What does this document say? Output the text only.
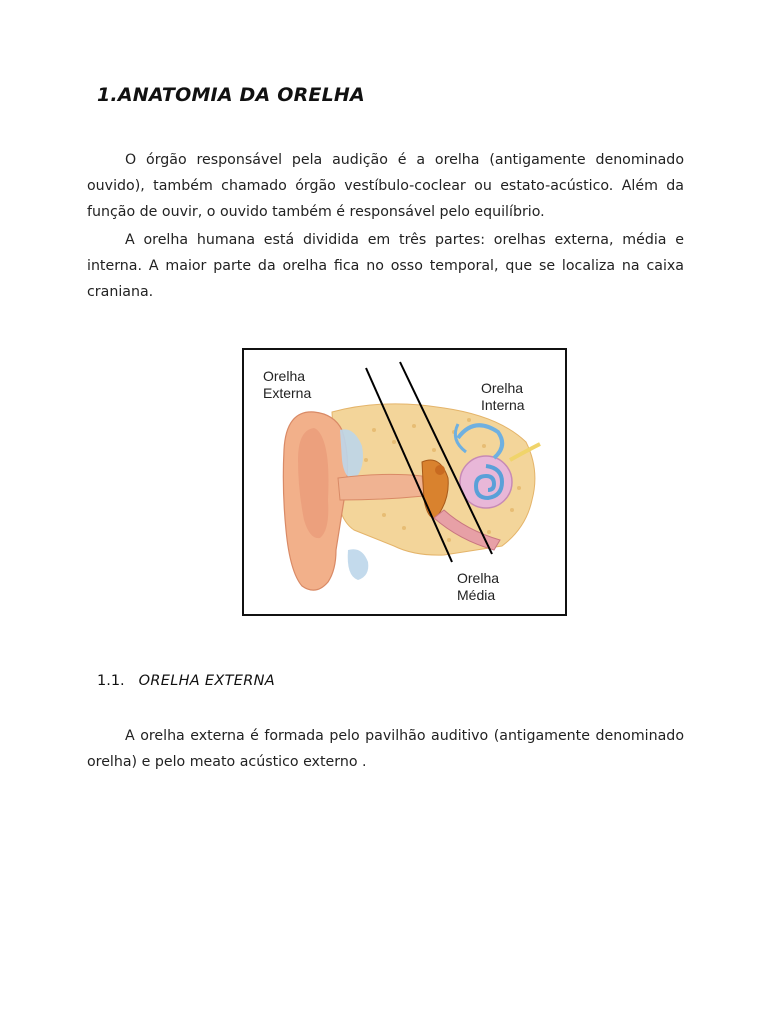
1.ANATOMIA DA ORELHA

O órgão responsável pela audição é a orelha (antigamente denominado ouvido), também chamado órgão vestíbulo-coclear ou estato-acústico. Além da função de ouvir, o ouvido também é responsável pelo equilíbrio.

A orelha humana está dividida em três partes: orelhas externa, média e interna. A maior parte da orelha fica no osso temporal, que se localiza na caixa craniana.

Orelha
Externa	Orelha
Interna
Orelha
Média
1.1. ORELHA EXTERNA

A orelha externa é formada pelo pavilhão auditivo (antigamente denominado orelha) e pelo meato acústico externo .
